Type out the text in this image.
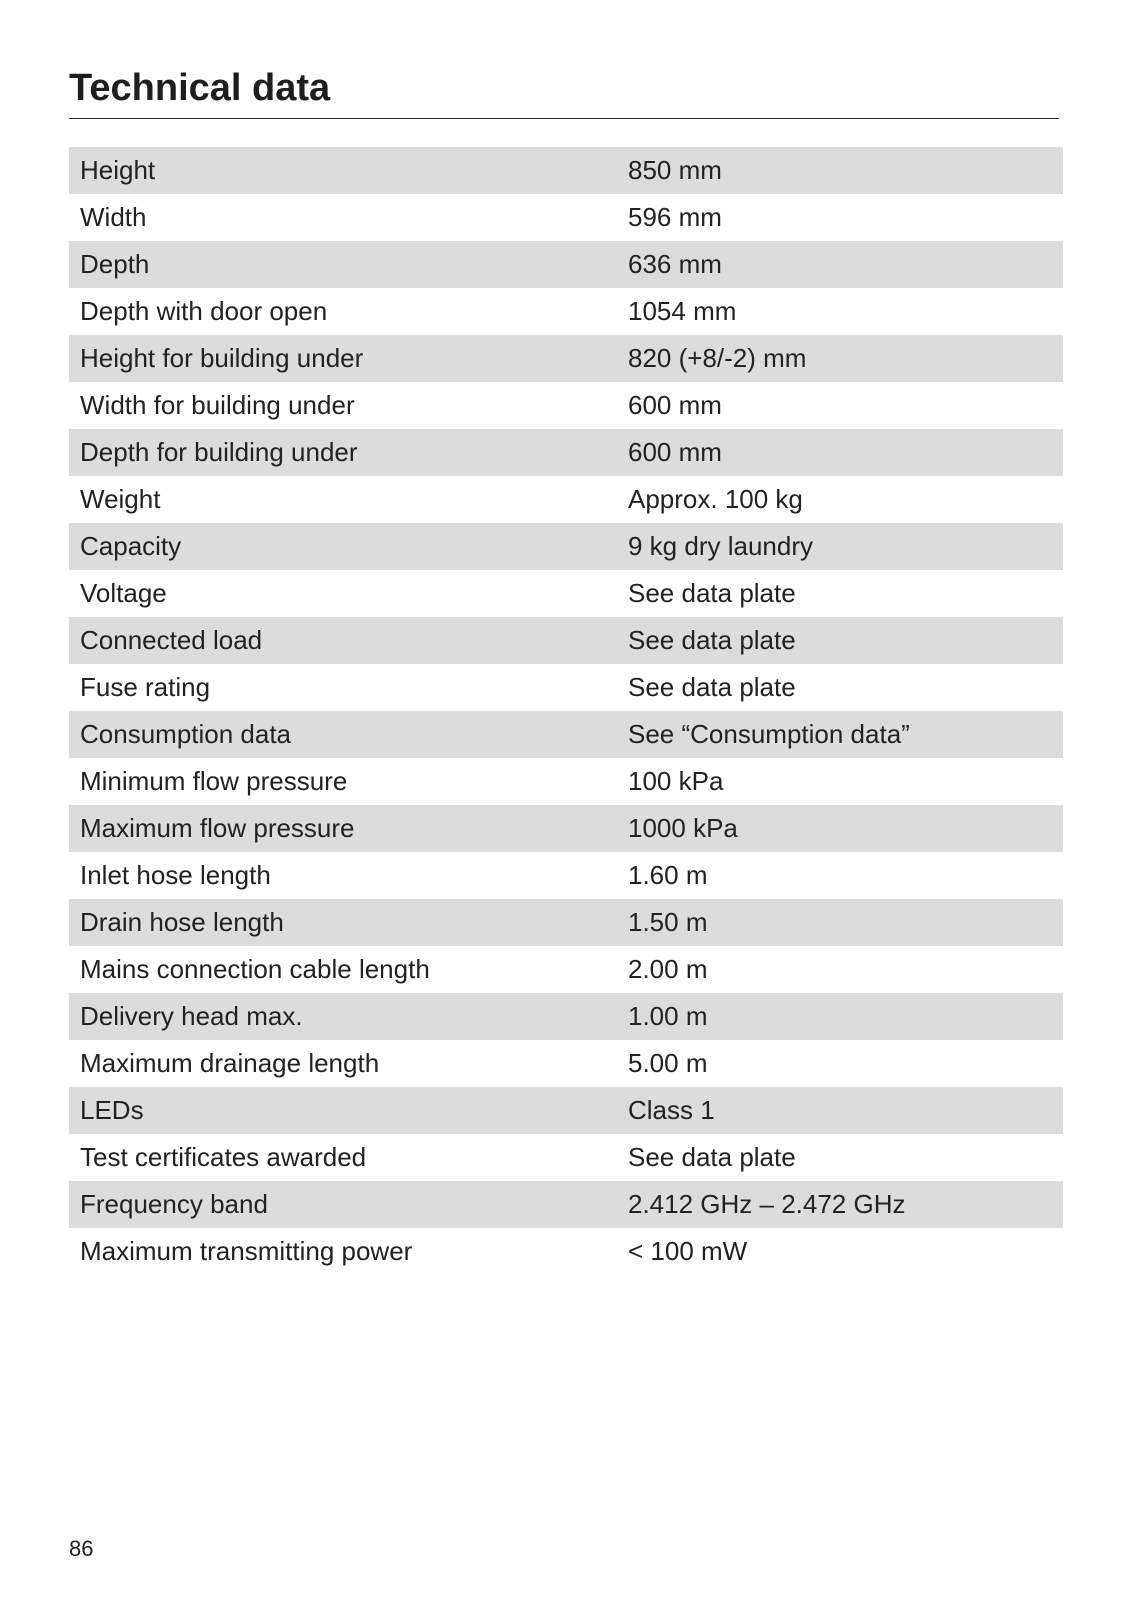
Technical data
Height	850 mm
Width	596 mm
Depth	636 mm
Depth with door open	1054 mm
Height for building under	820 (+8/-2) mm
Width for building under	600 mm
Depth for building under	600 mm
Weight	Approx. 100 kg
Capacity	9 kg dry laundry
Voltage	See data plate
Connected load	See data plate
Fuse rating	See data plate
Consumption data	See “Consumption data”
Minimum flow pressure	100 kPa
Maximum flow pressure	1000 kPa
Inlet hose length	1.60 m
Drain hose length	1.50 m
Mains connection cable length	2.00 m
Delivery head max.	1.00 m
Maximum drainage length	5.00 m
LEDs	Class 1
Test certificates awarded	See data plate
Frequency band	2.412 GHz – 2.472 GHz
Maximum transmitting power	< 100 mW
86
